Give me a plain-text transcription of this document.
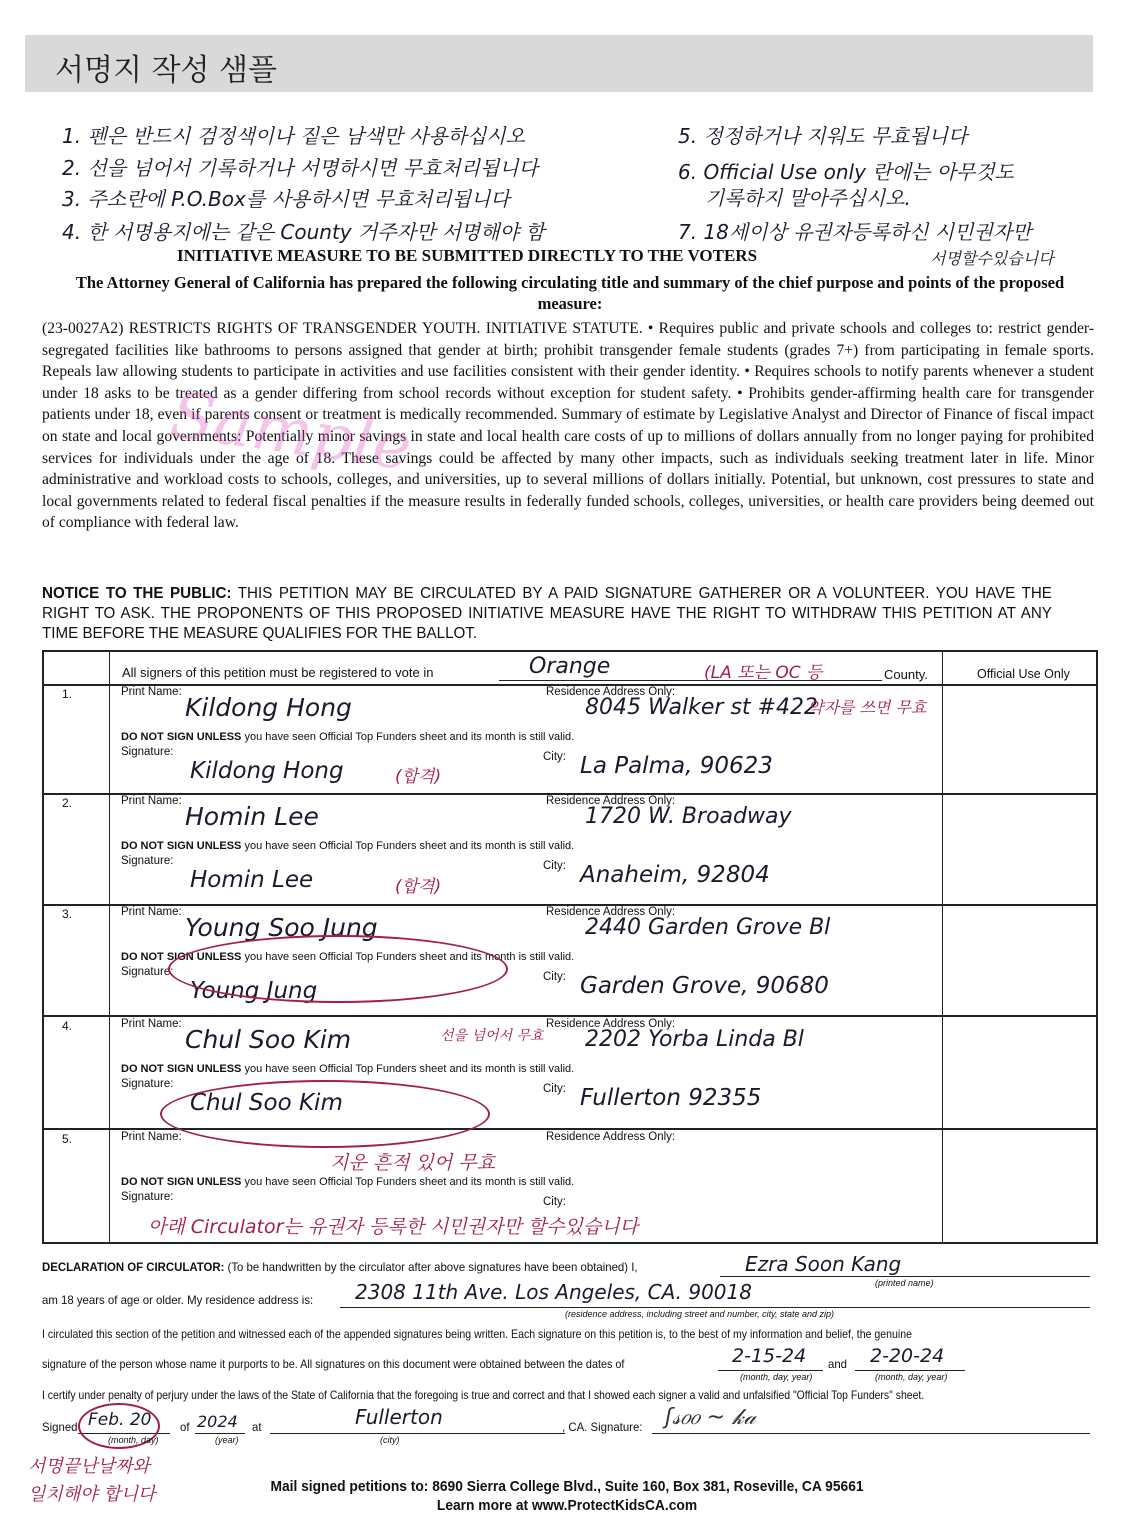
서명지 작성 샘플
1. 펜은 반드시 검정색이나 짙은 남색만 사용하십시오
2. 선을 넘어서 기록하거나 서명하시면 무효처리됩니다
3. 주소란에 P.O.Box를 사용하시면 무효처리됩니다
4. 한 서명용지에는 같은 County 거주자만 서명해야 함
5. 정정하거나 지워도 무효됩니다
6. Official Use only 란에는 아무것도
기록하지 말아주십시오.
7. 18세이상 유권자등록하신 시민권자만
서명할수있습니다
INITIATIVE MEASURE TO BE SUBMITTED DIRECTLY TO THE VOTERS
The Attorney General of California has prepared the following circulating title and summary of the chief purpose and points of the proposed measure:
(23-0027A2) RESTRICTS RIGHTS OF TRANSGENDER YOUTH. INITIATIVE STATUTE. • Requires public and private schools and colleges to: restrict gender-segregated facilities like bathrooms to persons assigned that gender at birth; prohibit transgender female students (grades 7+) from participating in female sports. Repeals law allowing students to participate in activities and use facilities consistent with their gender identity. • Requires schools to notify parents whenever a student under 18 asks to be treated as a gender differing from school records without exception for student safety. • Prohibits gender-affirming health care for transgender patients under 18, even if parents consent or treatment is medically recommended. Summary of estimate by Legislative Analyst and Director of Finance of fiscal impact on state and local governments: Potentially minor savings in state and local health care costs of up to millions of dollars annually from no longer paying for prohibited services for individuals under the age of 18. These savings could be affected by many other impacts, such as individuals seeking treatment later in life. Minor administrative and workload costs to schools, colleges, and universities, up to several millions of dollars initially. Potential, but unknown, cost pressures to state and local governments related to federal fiscal penalties if the measure results in federally funded schools, colleges, universities, or health care providers being deemed out of compliance with federal law.
Sample
NOTICE TO THE PUBLIC: THIS PETITION MAY BE CIRCULATED BY A PAID SIGNATURE GATHERER OR A VOLUNTEER. YOU HAVE THE RIGHT TO ASK. THE PROPONENTS OF THIS PROPOSED INITIATIVE MEASURE HAVE THE RIGHT TO WITHDRAW THIS PETITION AT ANY TIME BEFORE THE MEASURE QUALIFIES FOR THE BALLOT.
All signers of this petition must be registered to vote in	Orange	(LA 또는 OC 등	County.	Official Use Only
1.	Print Name:
Kildong Hong
Residence Address Only:
8045 Walker st #422
DO NOT SIGN UNLESS you have seen Official Top Funders sheet and its month is still valid.
Signature:
Kildong Hong
City: La Palma, 90623
2.	Print Name:
Homin Lee
Residence Address Only:
1720 W. Broadway
DO NOT SIGN UNLESS you have seen Official Top Funders sheet and its month is still valid.
Signature:
Homin Lee
City: Anaheim, 92804
3.	Print Name:
Young Soo Jung
Residence Address Only:
2440 Garden Grove Bl
DO NOT SIGN UNLESS you have seen Official Top Funders sheet and its month is still valid.
Signature:
Young Jung
City: Garden Grove, 90680
4.	Print Name:
Chul Soo Kim
Residence Address Only:
2202 Yorba Linda Bl
DO NOT SIGN UNLESS you have seen Official Top Funders sheet and its month is still valid.
Signature:
Chul Soo Kim
City: Fullerton 92355
5.	Print Name:	Residence Address Only:
DO NOT SIGN UNLESS you have seen Official Top Funders sheet and its month is still valid.
Signature:	City:
(합격)
(합격)
선을 넘어서 무효
지운 흔적 있어 무효
약자를 쓰면 무효
아래 Circulator는 유권자 등록한 시민권자만 할수있습니다
DECLARATION OF CIRCULATOR: (To be handwritten by the circulator after above signatures have been obtained) I,	Ezra Soon Kang
(printed name)
am 18 years of age or older. My residence address is: 2308 11th Ave. Los Angeles, CA. 90018
(residence address, including street and number, city, state and zip)
I circulated this section of the petition and witnessed each of the appended signatures being written. Each signature on this petition is, to the best of my information and belief, the genuine
signature of the person whose name it purports to be. All signatures on this document were obtained between the dates of	2-15-24 and 2-20-24
(month, day, year)	(month, day, year)
I certify under penalty of perjury under the laws of the State of California that the foregoing is true and correct and that I showed each signer a valid and unfalsified "Official Top Funders" sheet.
Signed Feb. 20
(month, day)
of 2024
(year)
at	Fullerton
(city)
, CA. Signature: ʃ𝓈𝑜𝑜 ~ 𝓀𝒶
서명끝난날짜와
일치해야 합니다	Mail signed petitions to: 8690 Sierra College Blvd., Suite 160, Box 381, Roseville, CA 95661
Learn more at www.ProtectKidsCA.com
